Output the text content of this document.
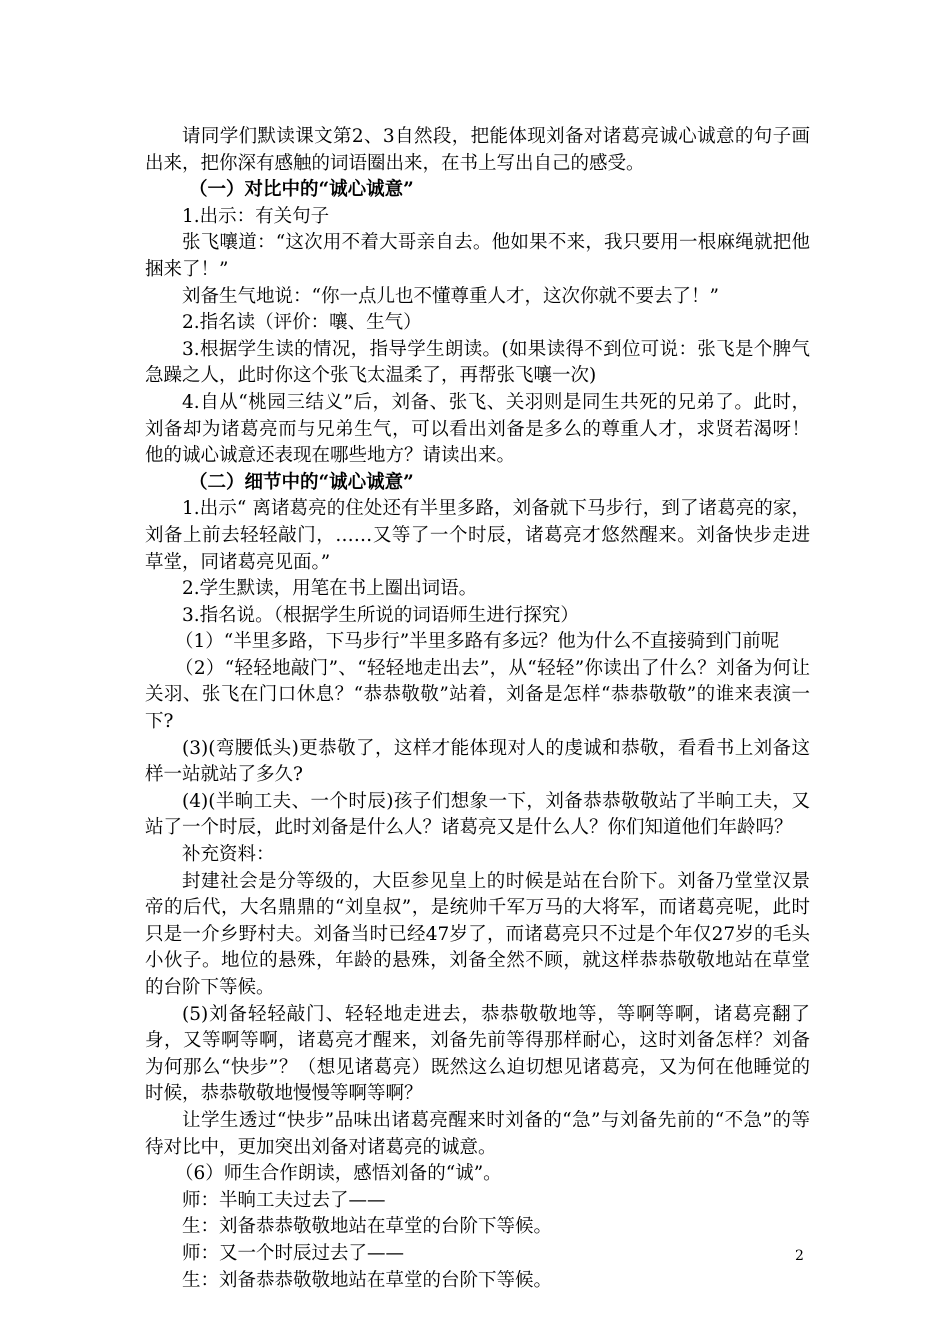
请同学们默读课文第2、3自然段，把能体现刘备对诸葛亮诚心诚意的句子画出来，把你深有感触的词语圈出来，在书上写出自己的感受。

（一）对比中的“诚心诚意”

1.出示：有关句子

张飞嚷道：“这次用不着大哥亲自去。他如果不来，我只要用一根麻绳就把他捆来了！”

刘备生气地说：“你一点儿也不懂尊重人才，这次你就不要去了！”

2.指名读（评价：嚷、生气）

3.根据学生读的情况，指导学生朗读。(如果读得不到位可说：张飞是个脾气急躁之人，此时你这个张飞太温柔了，再帮张飞嚷一次)

4.自从“桃园三结义”后，刘备、张飞、关羽则是同生共死的兄弟了。此时，刘备却为诸葛亮而与兄弟生气，可以看出刘备是多么的尊重人才，求贤若渴呀！他的诚心诚意还表现在哪些地方？请读出来。

（二）细节中的“诚心诚意”

1.出示“ 离诸葛亮的住处还有半里多路，刘备就下马步行，到了诸葛亮的家，刘备上前去轻轻敲门，……又等了一个时辰，诸葛亮才悠然醒来。刘备快步走进草堂，同诸葛亮见面。”

2.学生默读，用笔在书上圈出词语。

3.指名说。（根据学生所说的词语师生进行探究）

（1）“半里多路，下马步行”半里多路有多远？他为什么不直接骑到门前呢

（2）“轻轻地敲门”、“轻轻地走出去”，从“轻轻”你读出了什么？刘备为何让关羽、张飞在门口休息？“恭恭敬敬”站着，刘备是怎样“恭恭敬敬”的谁来表演一下?

(3)(弯腰低头)更恭敬了，这样才能体现对人的虔诚和恭敬，看看书上刘备这样一站就站了多久?

(4)(半晌工夫、一个时辰)孩子们想象一下，刘备恭恭敬敬站了半晌工夫，又站了一个时辰，此时刘备是什么人？诸葛亮又是什么人？你们知道他们年龄吗？

补充资料：

封建社会是分等级的，大臣参见皇上的时候是站在台阶下。刘备乃堂堂汉景帝的后代，大名鼎鼎的“刘皇叔”，是统帅千军万马的大将军，而诸葛亮呢，此时只是一介乡野村夫。刘备当时已经47岁了，而诸葛亮只不过是个年仅27岁的毛头小伙子。地位的悬殊，年龄的悬殊，刘备全然不顾，就这样恭恭敬敬地站在草堂的台阶下等候。

(5)刘备轻轻敲门、轻轻地走进去，恭恭敬敬地等，等啊等啊，诸葛亮翻了身，又等啊等啊，诸葛亮才醒来，刘备先前等得那样耐心，这时刘备怎样？刘备为何那么“快步”？（想见诸葛亮）既然这么迫切想见诸葛亮，又为何在他睡觉的时候，恭恭敬敬地慢慢等啊等啊？

让学生透过“快步”品味出诸葛亮醒来时刘备的“急”与刘备先前的“不急”的等待对比中，更加突出刘备对诸葛亮的诚意。

（6）师生合作朗读，感悟刘备的“诚”。

师：半晌工夫过去了——

生：刘备恭恭敬敬地站在草堂的台阶下等候。

师：又一个时辰过去了——

生：刘备恭恭敬敬地站在草堂的台阶下等候。

2
